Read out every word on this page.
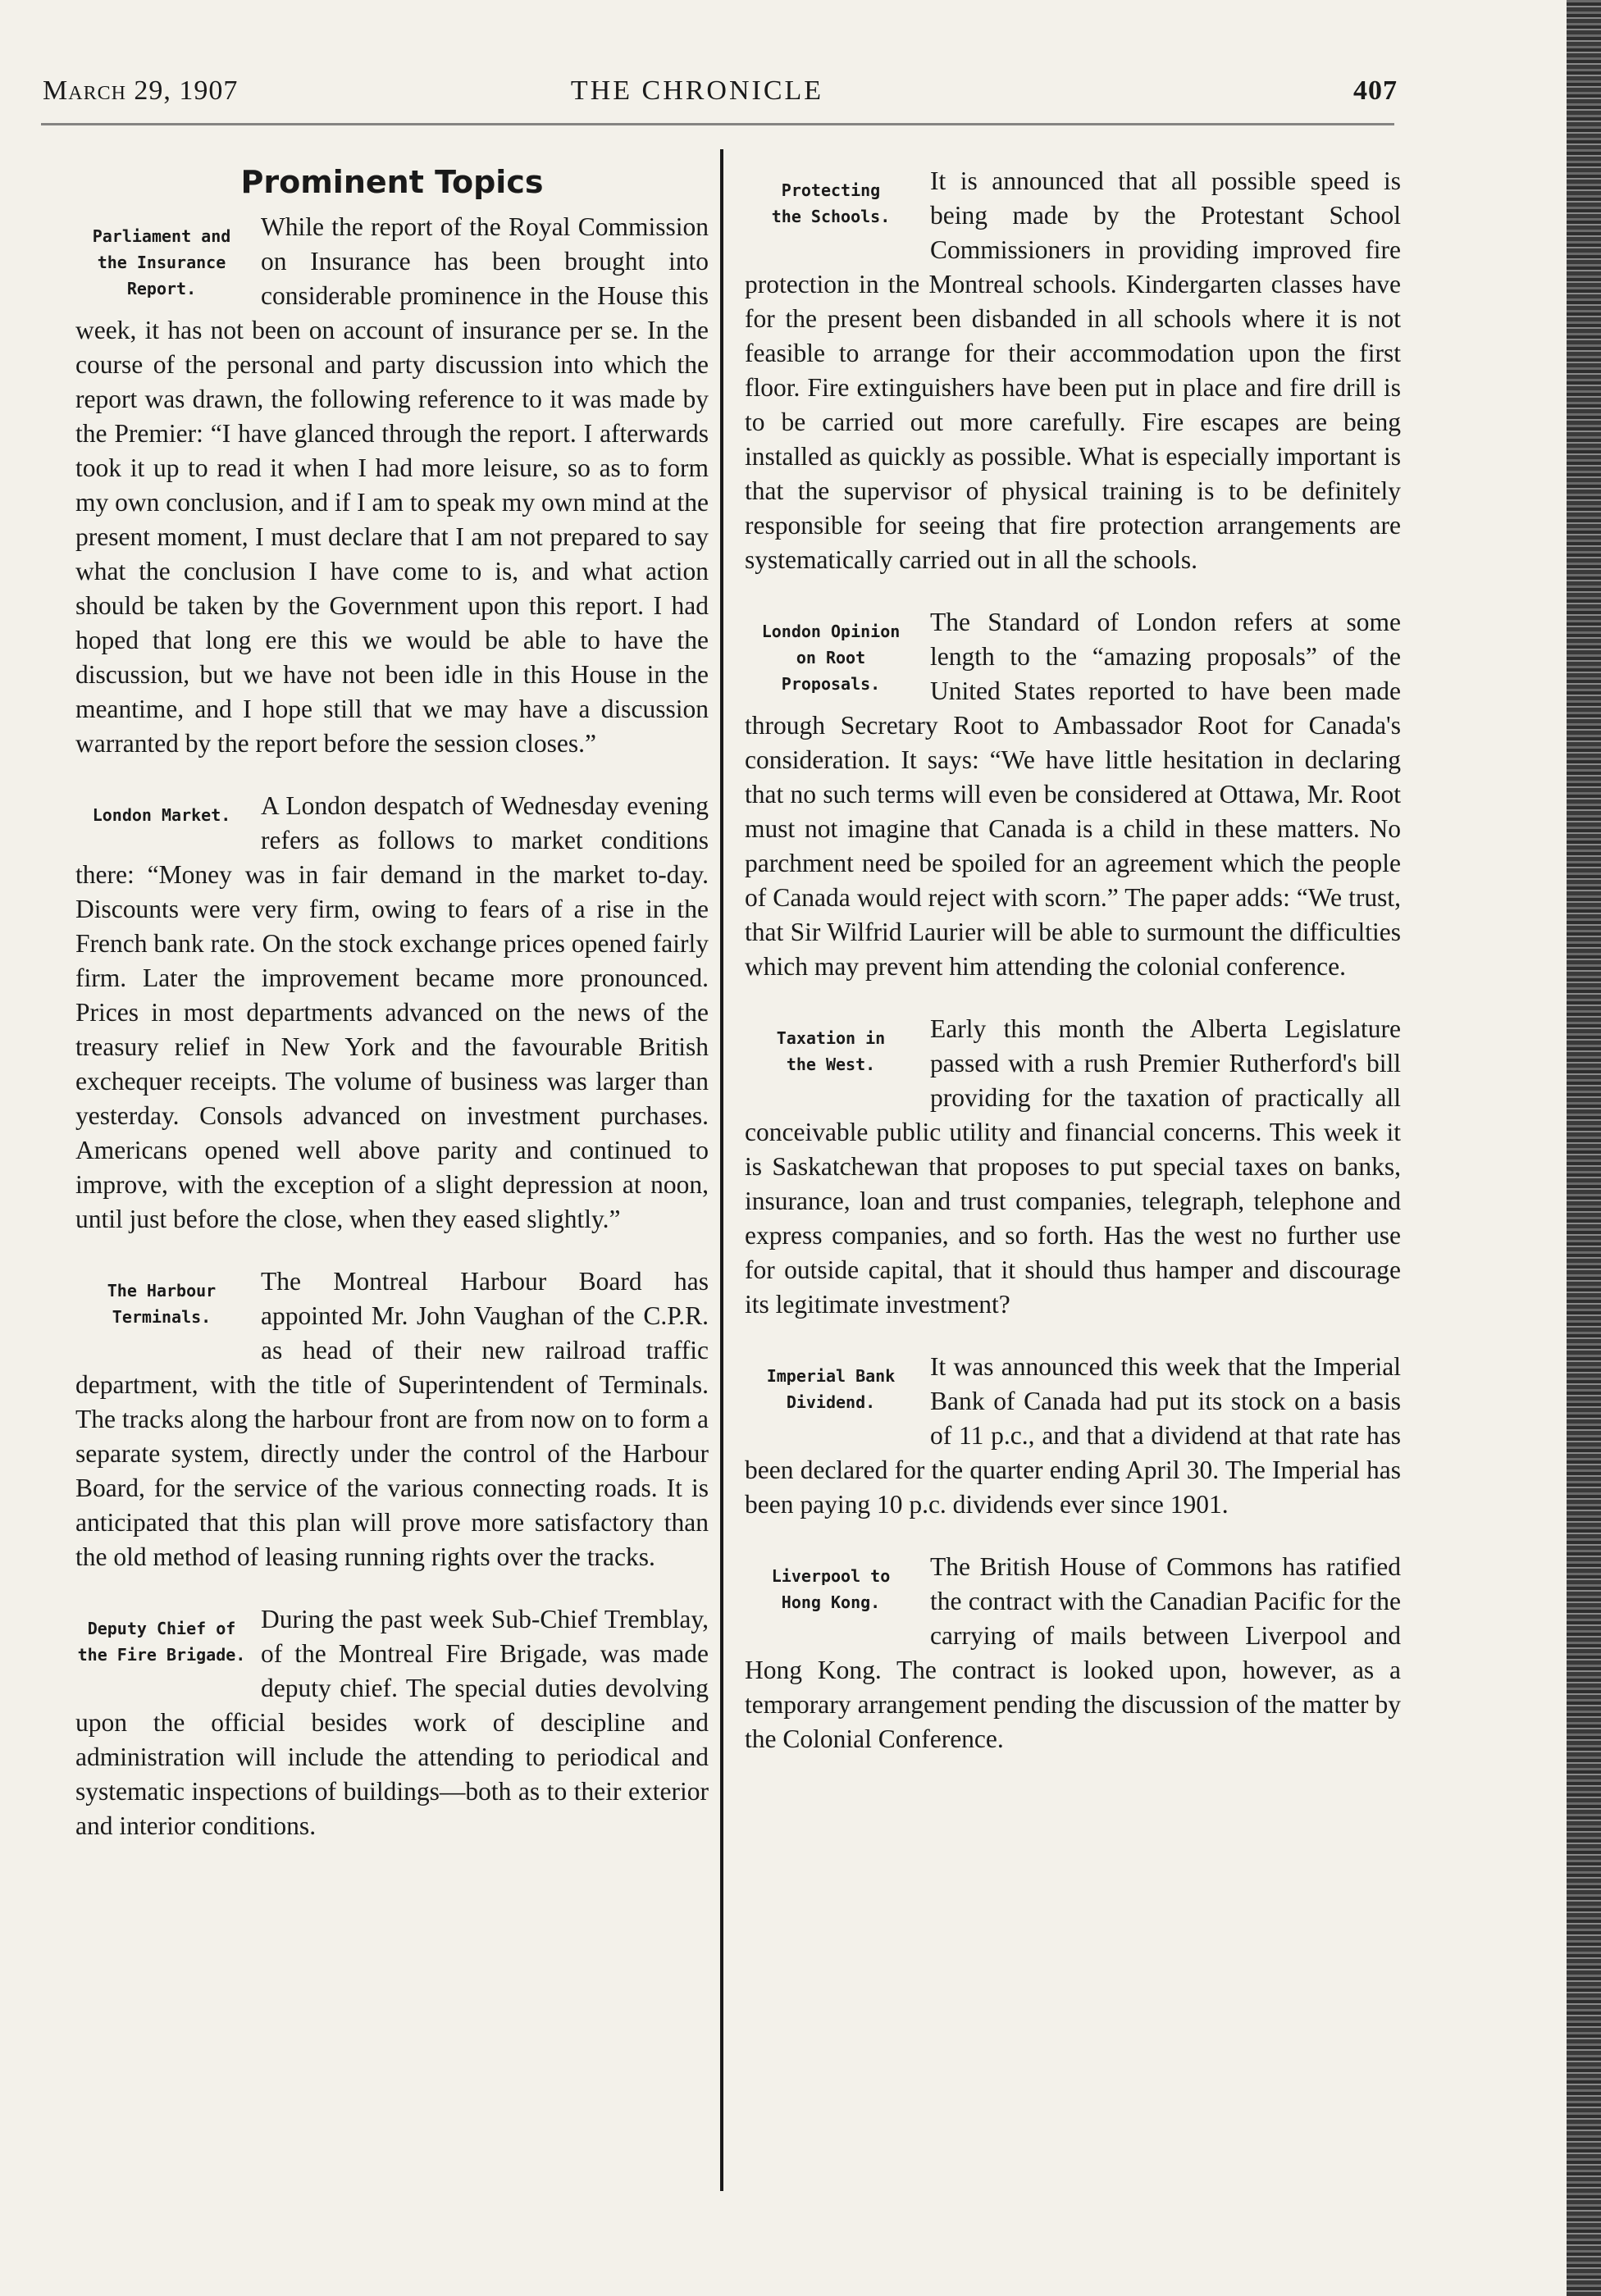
March 29, 1907	THE CHRONICLE	407
Prominent Topics

Parliament and
the Insurance
Report.
While the report of the Royal Commission on Insurance has been brought into considerable prominence in the House this week, it has not been on account of insurance per se. In the course of the personal and party discussion into which the report was drawn, the following reference to it was made by the Premier: “I have glanced through the report. I afterwards took it up to read it when I had more leisure, so as to form my own conclusion, and if I am to speak my own mind at the present moment, I must declare that I am not prepared to say what the conclusion I have come to is, and what action should be taken by the Government upon this report. I had hoped that long ere this we would be able to have the discussion, but we have not been idle in this House in the meantime, and I hope still that we may have a discussion warranted by the report before the session closes.”

London Market.	A London despatch of Wednesday evening refers as follows to market conditions there: “Money was in fair demand in the market to-day. Discounts were very firm, owing to fears of a rise in the French bank rate. On the stock exchange prices opened fairly firm. Later the improvement became more pronounced. Prices in most departments advanced on the news of the treasury relief in New York and the favourable British exchequer receipts. The volume of business was larger than yesterday. Consols advanced on investment purchases. Americans opened well above parity and continued to improve, with the exception of a slight depression at noon, until just before the close, when they eased slightly.”

The Harbour
Terminals.
The Montreal Harbour Board has appointed Mr. John Vaughan of the C.P.R. as head of their new railroad traffic department, with the title of Superintendent of Terminals. The tracks along the harbour front are from now on to form a separate system, directly under the control of the Harbour Board, for the service of the various connecting roads. It is anticipated that this plan will prove more satisfactory than the old method of leasing running rights over the tracks.

Deputy Chief of
the Fire Brigade.
During the past week Sub-Chief Tremblay, of the Montreal Fire Brigade, was made deputy chief. The special duties devolving upon the official besides work of descipline and administration will include the attending to periodical and systematic inspections of buildings—both as to their exterior and interior conditions.

Protecting
the Schools.
It is announced that all possible speed is being made by the Protestant School Commissioners in providing improved fire protection in the Montreal schools. Kindergarten classes have for the present been disbanded in all schools where it is not feasible to arrange for their accommodation upon the first floor. Fire extinguishers have been put in place and fire drill is to be carried out more carefully. Fire escapes are being installed as quickly as possible. What is especially important is that the supervisor of physical training is to be definitely responsible for seeing that fire protection arrangements are systematically carried out in all the schools.

London Opinion
on Root Proposals.
The Standard of London refers at some length to the “amazing proposals” of the United States reported to have been made through Secretary Root to Ambassador Root for Canada's consideration. It says: “We have little hesitation in declaring that no such terms will even be considered at Ottawa, Mr. Root must not imagine that Canada is a child in these matters. No parchment need be spoiled for an agreement which the people of Canada would reject with scorn.” The paper adds: “We trust, that Sir Wilfrid Laurier will be able to surmount the difficulties which may prevent him attending the colonial conference.

Taxation in
the West.
Early this month the Alberta Legislature passed with a rush Premier Rutherford's bill providing for the taxation of practically all conceivable public utility and financial concerns. This week it is Saskatchewan that proposes to put special taxes on banks, insurance, loan and trust companies, telegraph, telephone and express companies, and so forth. Has the west no further use for outside capital, that it should thus hamper and discourage its legitimate investment?

Imperial Bank
Dividend.
It was announced this week that the Imperial Bank of Canada had put its stock on a basis of 11 p.c., and that a dividend at that rate has been declared for the quarter ending April 30. The Imperial has been paying 10 p.c. dividends ever since 1901.

Liverpool to
Hong Kong.
The British House of Commons has ratified the contract with the Canadian Pacific for the carrying of mails between Liverpool and Hong Kong. The contract is looked upon, however, as a temporary arrangement pending the discussion of the matter by the Colonial Conference.
